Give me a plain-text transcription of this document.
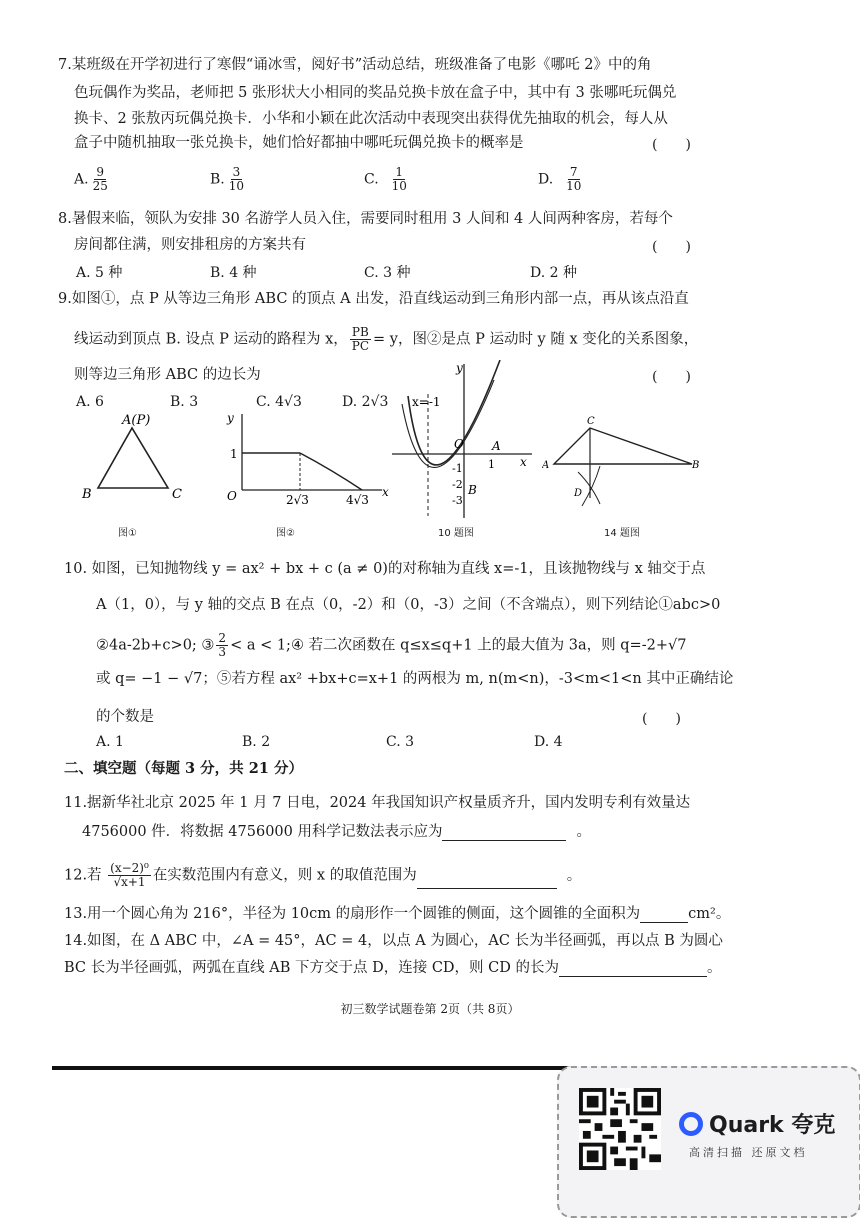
7.某班级在开学初进行了寒假“诵冰雪，阅好书”活动总结，班级准备了电影《哪吒 2》中的角
色玩偶作为奖品，老师把 5 张形状大小相同的奖品兑换卡放在盒子中，其中有 3 张哪吒玩偶兑
换卡、2 张敖丙玩偶兑换卡．小华和小颖在此次活动中表现突出获得优先抽取的机会，每人从
盒子中随机抽取一张兑换卡，她们恰好都抽中哪吒玩偶兑换卡的概率是	(　　)
A. $\frac{9}{25}$	B. $\frac{3}{10}$	C. $\frac{1}{10}$	D. $\frac{7}{10}$
8.暑假来临，领队为安排 30 名游学人员入住，需要同时租用 3 人间和 4 人间两种客房，若每个
房间都住满，则安排租房的方案共有	(　　)
A. 5 种	B. 4 种	C. 3 种	D. 2 种
9.如图①，点 P 从等边三角形 ABC 的顶点 A 出发，沿直线运动到三角形内部一点，再从该点沿直
线运动到顶点 B. 设点 P 运动的路程为 x， $\frac{PB}{PC} = y$，图②是点 P 运动时 y 随 x 变化的关系图象，
则等边三角形 ABC 的边长为	(　　)
A. 6	B. 3	C. 4√3	D. 2√3
A(P)
B	C
图①
y
x
O
1
2√3	4√3
图②
x=-1
y
x
O A
1
-1
-2
-3
B
10 题图
A
C
B
D
14 题图
10. 如图，已知抛物线 y = ax² + bx + c (a ≠ 0)的对称轴为直线 x=-1，且该抛物线与 x 轴交于点
A（1，0），与 y 轴的交点 B 在点（0，-2）和（0，-3）之间（不含端点），则下列结论①abc>0
②4a-2b+c>0; ③ $\frac{2}{3} < a$ < 1;④ 若二次函数在 q≤x≤q+1 上的最大值为 3a，则 q=-2+√7
或 q= −1 − √7；⑤若方程 ax² +bx+c=x+1 的两根为 m, n(m<n)，-3<m<1<n 其中正确结论
的个数是	(　　)
A. 1	B. 2	C. 3	D. 4
二、填空题（每题 3 分，共 21 分）
11.据新华社北京 2025 年 1 月 7 日电，2024 年我国知识产权量质齐升，国内发明专利有效量达
4756000 件．将数据 4756000 用科学记数法表示应为	。
12.若 $\frac{\text{(x−2)⁰}}{√x+1}$ 在实数范围内有意义，则 x 的取值范围为	。
13.用一个圆心角为 216°，半径为 10cm 的扇形作一个圆锥的侧面，这个圆锥的全面积为	cm²。
14.如图，在 Δ ABC 中，∠A = 45°，AC = 4，以点 A 为圆心，AC 长为半径画弧，再以点 B 为圆心
BC 长为半径画弧，两弧在直线 AB 下方交于点 D，连接 CD，则 CD 的长为	。
初三数学试题卷第 2页（共 8页）
Quark 夸克
高清扫描 还原文档
